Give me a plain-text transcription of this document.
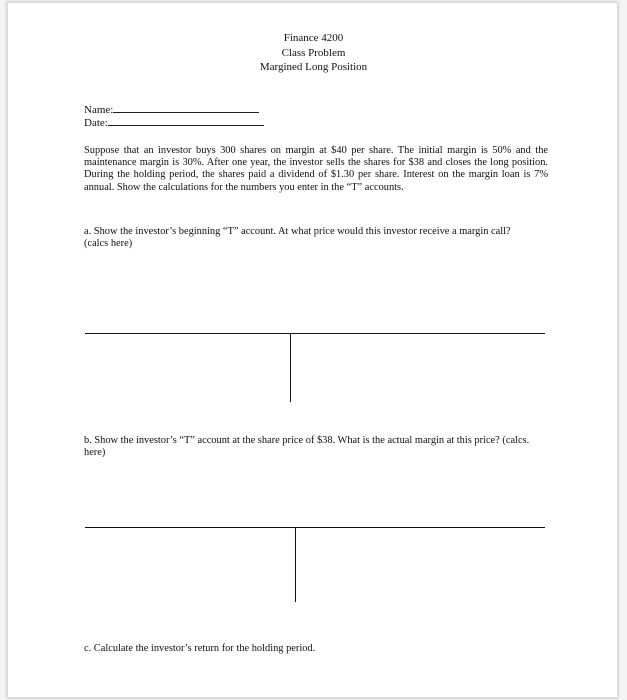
Finance 4200
Class Problem
Margined Long Position
Name:
Date:
Suppose that an investor buys 300 shares on margin at $40 per share. The initial margin is 50% and the maintenance margin is 30%. After one year, the investor sells the shares for $38 and closes the long position. During the holding period, the shares paid a dividend of $1.30 per share. Interest on the margin loan is 7% annual. Show the calculations for the numbers you enter in the “T” accounts.
a. Show the investor’s beginning “T” account. At what price would this investor receive a margin call? (calcs here)
b. Show the investor’s “T” account at the share price of $38. What is the actual margin at this price? (calcs. here)
c. Calculate the investor’s return for the holding period.
